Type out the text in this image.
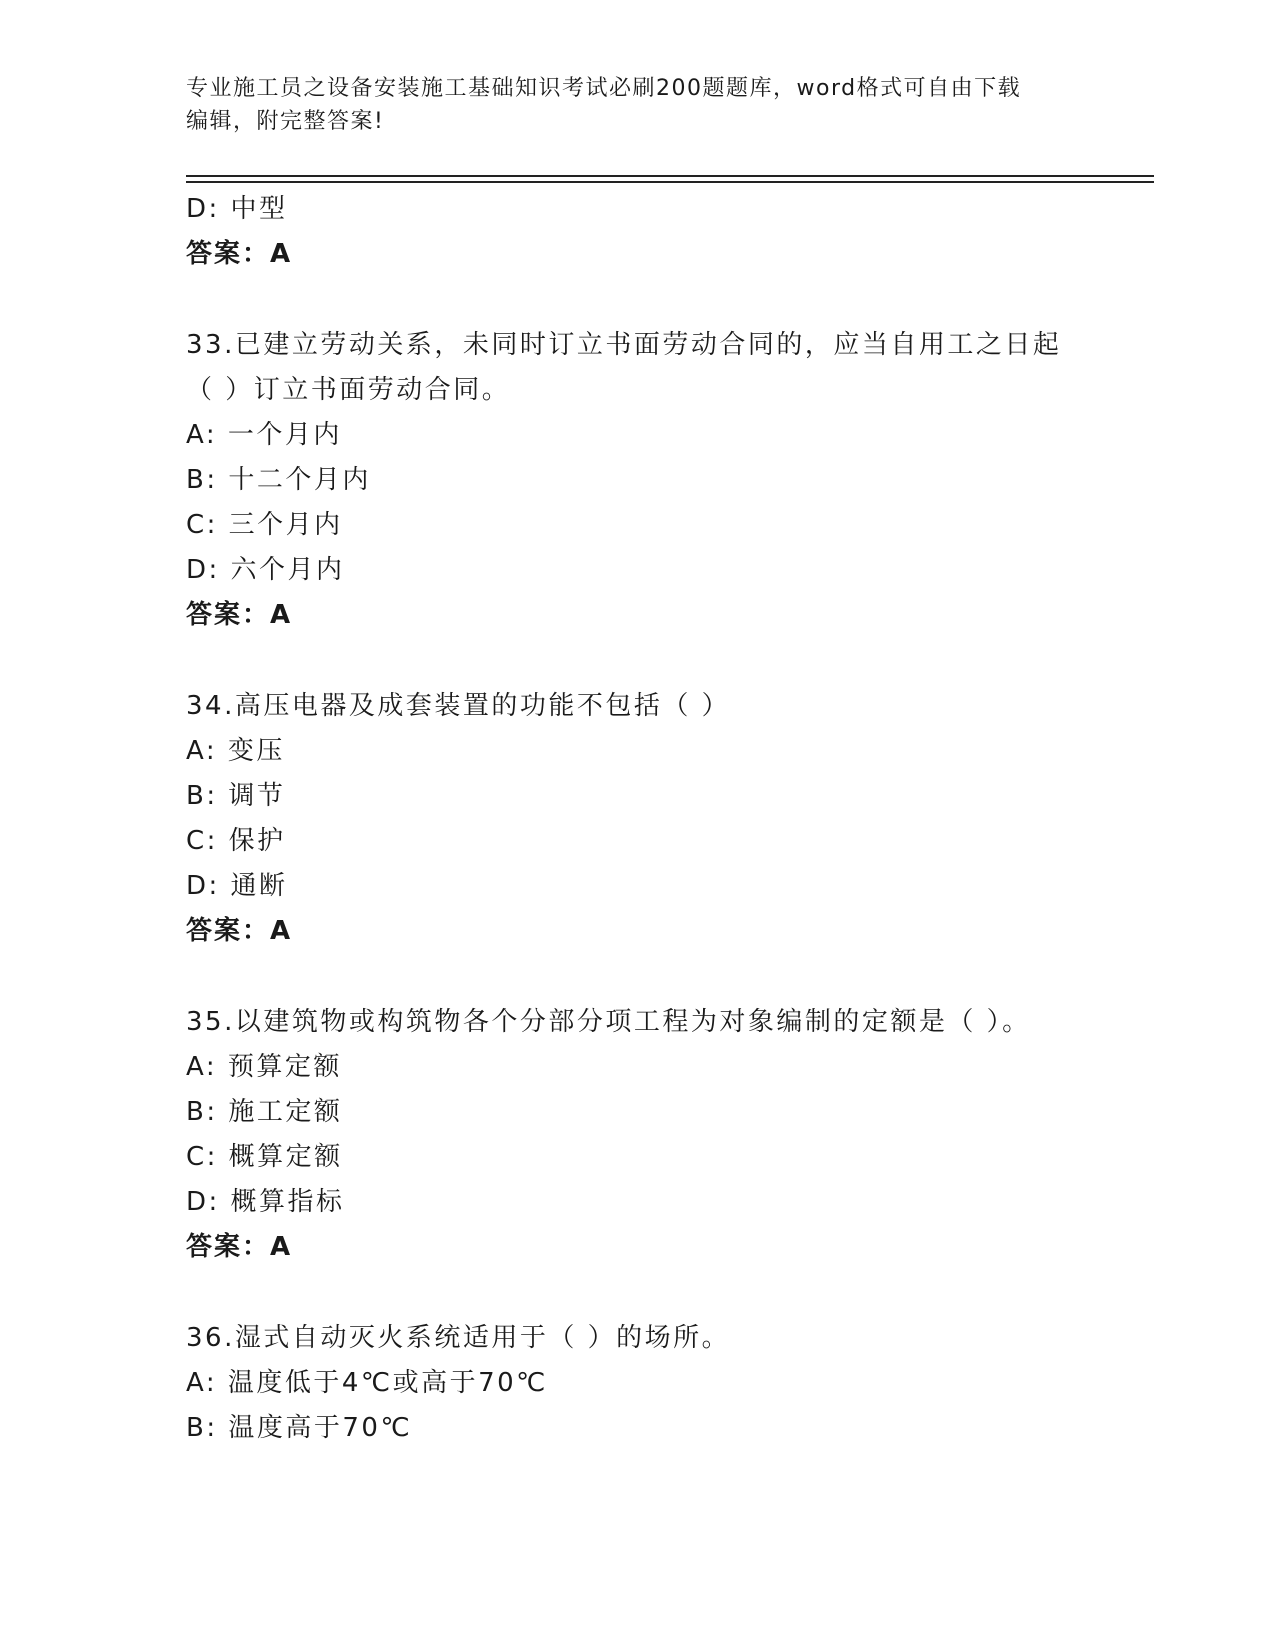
专业施工员之设备安装施工基础知识考试必刷200题题库，word格式可自由下载
编辑，附完整答案!
D: 中型
答案：A
33.已建立劳动关系，未同时订立书面劳动合同的，应当自用工之日起
（ ）订立书面劳动合同。
A: 一个月内
B: 十二个月内
C: 三个月内
D: 六个月内
答案：A
34.高压电器及成套装置的功能不包括（ ）
A: 变压
B: 调节
C: 保护
D: 通断
答案：A
35.以建筑物或构筑物各个分部分项工程为对象编制的定额是（ ）。
A: 预算定额
B: 施工定额
C: 概算定额
D: 概算指标
答案：A
36.湿式自动灭火系统适用于（ ）的场所。
A: 温度低于4℃或高于70℃
B: 温度高于70℃
